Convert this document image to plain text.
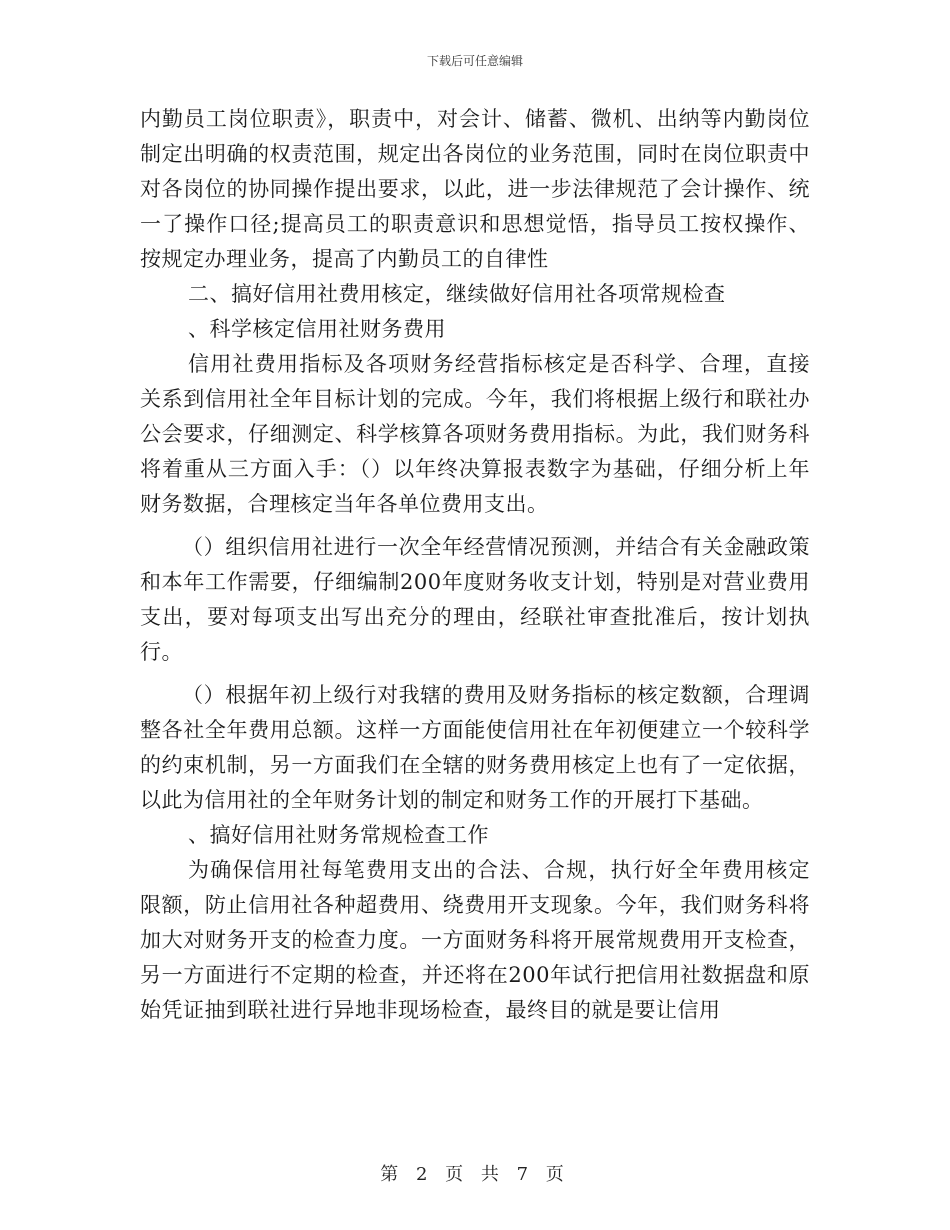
下载后可任意编辑

内勤员工岗位职责》，职责中，对会计、储蓄、微机、出纳等内勤岗位制定出明确的权责范围，规定出各岗位的业务范围，同时在岗位职责中对各岗位的协同操作提出要求，以此，进一步法律规范了会计操作、统一了操作口径;提高员工的职责意识和思想觉悟，指导员工按权操作、按规定办理业务，提高了内勤员工的自律性

二、搞好信用社费用核定，继续做好信用社各项常规检查

、科学核定信用社财务费用

信用社费用指标及各项财务经营指标核定是否科学、合理，直接关系到信用社全年目标计划的完成。今年，我们将根据上级行和联社办公会要求，仔细测定、科学核算各项财务费用指标。为此，我们财务科将着重从三方面入手：（）以年终决算报表数字为基础，仔细分析上年财务数据，合理核定当年各单位费用支出。

（）组织信用社进行一次全年经营情况预测，并结合有关金融政策和本年工作需要，仔细编制200年度财务收支计划，特别是对营业费用支出，要对每项支出写出充分的理由，经联社审查批准后，按计划执行。

（）根据年初上级行对我辖的费用及财务指标的核定数额，合理调整各社全年费用总额。这样一方面能使信用社在年初便建立一个较科学的约束机制，另一方面我们在全辖的财务费用核定上也有了一定依据，以此为信用社的全年财务计划的制定和财务工作的开展打下基础。

、搞好信用社财务常规检查工作

为确保信用社每笔费用支出的合法、合规，执行好全年费用核定限额，防止信用社各种超费用、绕费用开支现象。今年，我们财务科将加大对财务开支的检查力度。一方面财务科将开展常规费用开支检查，另一方面进行不定期的检查，并还将在200年试行把信用社数据盘和原始凭证抽到联社进行异地非现场检查，最终目的就是要让信用

第 2 页 共 7 页
